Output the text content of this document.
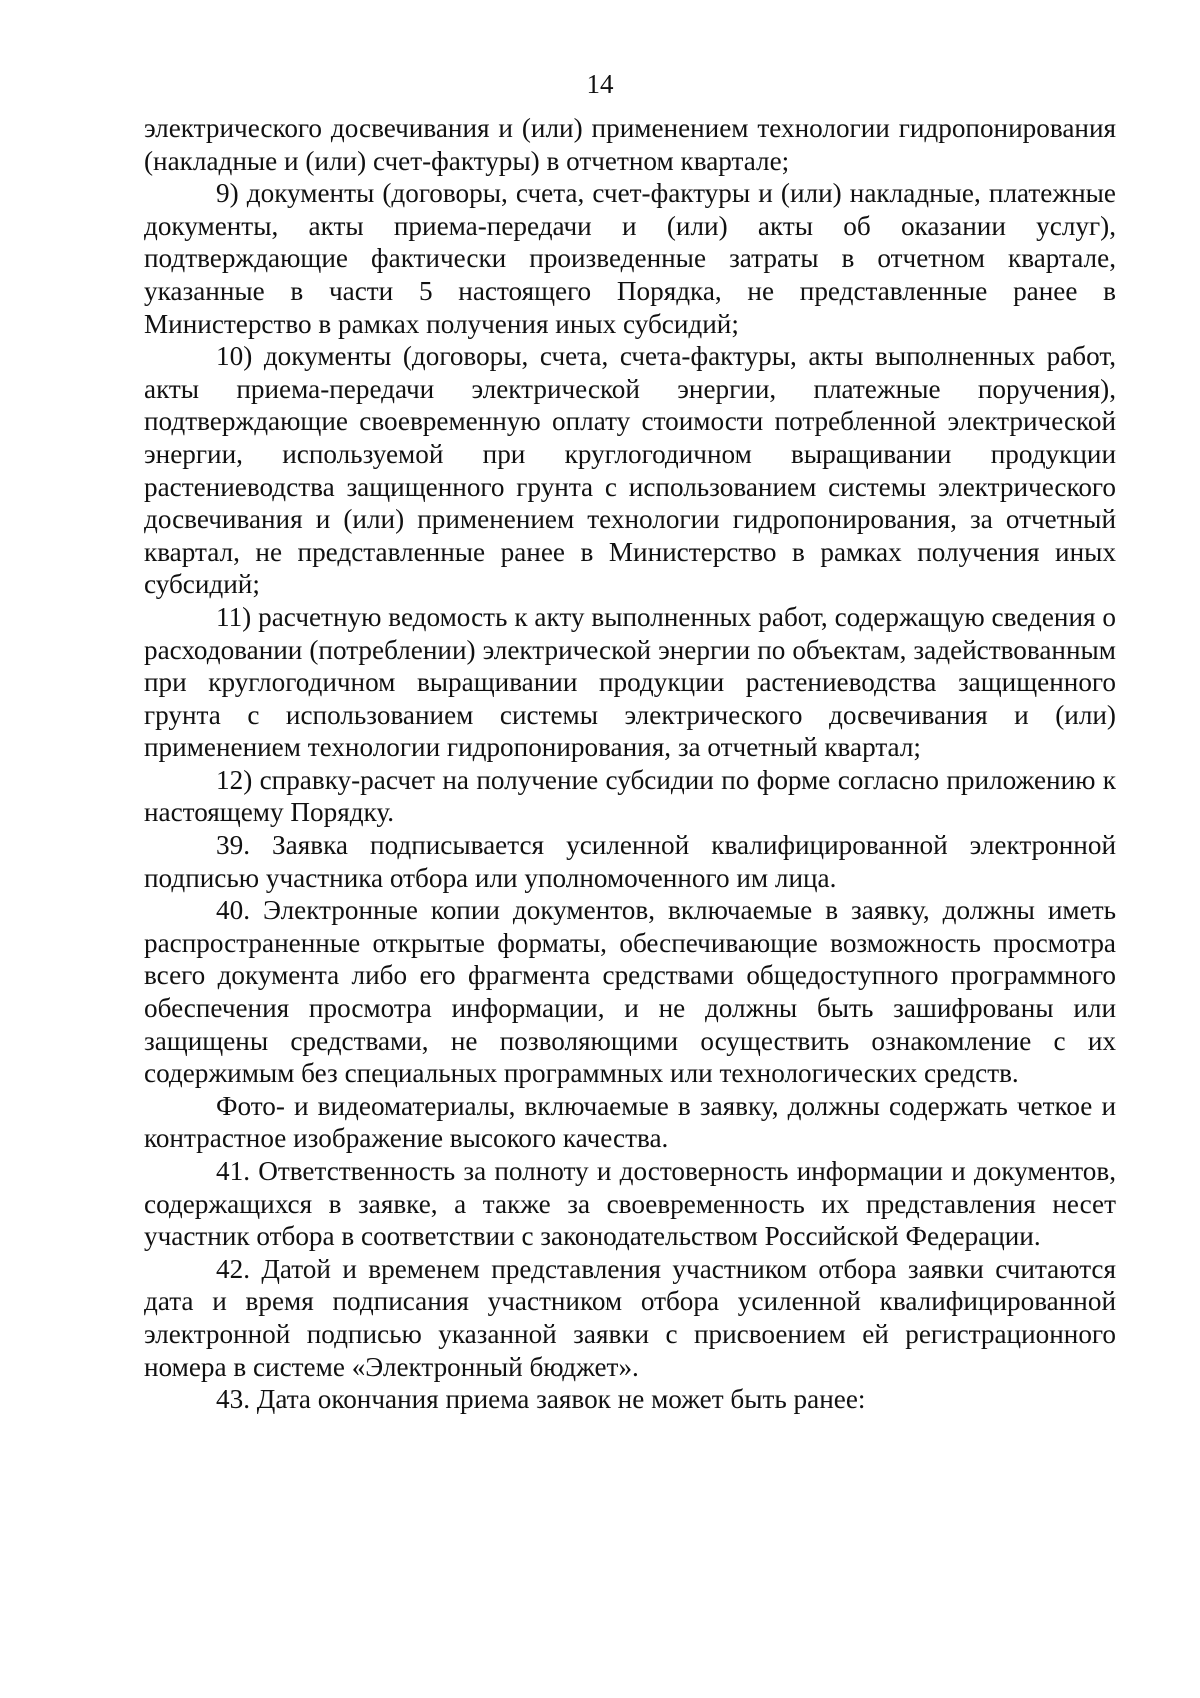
14

электрического досвечивания и (или) применением технологии гидропонирования (накладные и (или) счет-фактуры) в отчетном квартале;

9) документы (договоры, счета, счет-фактуры и (или) накладные, платежные документы, акты приема-передачи и (или) акты об оказании услуг), подтверждающие фактически произведенные затраты в отчетном квартале, указанные в части 5 настоящего Порядка, не представленные ранее в Министерство в рамках получения иных субсидий;

10) документы (договоры, счета, счета-фактуры, акты выполненных работ, акты приема-передачи электрической энергии, платежные поручения), подтверждающие своевременную оплату стоимости потребленной электрической энергии, используемой при круглогодичном выращивании продукции растениеводства защищенного грунта с использованием системы электрического досвечивания и (или) применением технологии гидропонирования, за отчетный квартал, не представленные ранее в Министерство в рамках получения иных субсидий;

11) расчетную ведомость к акту выполненных работ, содержащую сведения о расходовании (потреблении) электрической энергии по объектам, задействованным при круглогодичном выращивании продукции растениеводства защищенного грунта с использованием системы электрического досвечивания и (или) применением технологии гидропонирования, за отчетный квартал;

12) справку-расчет на получение субсидии по форме согласно приложению к настоящему Порядку.

39. Заявка подписывается усиленной квалифицированной электронной подписью участника отбора или уполномоченного им лица.

40. Электронные копии документов, включаемые в заявку, должны иметь распространенные открытые форматы, обеспечивающие возможность просмотра всего документа либо его фрагмента средствами общедоступного программного обеспечения просмотра информации, и не должны быть зашифрованы или защищены средствами, не позволяющими осуществить ознакомление с их содержимым без специальных программных или технологических средств.

Фото- и видеоматериалы, включаемые в заявку, должны содержать четкое и контрастное изображение высокого качества.

41. Ответственность за полноту и достоверность информации и документов, содержащихся в заявке, а также за своевременность их представления несет участник отбора в соответствии с законодательством Российской Федерации.

42. Датой и временем представления участником отбора заявки считаются дата и время подписания участником отбора усиленной квалифицированной электронной подписью указанной заявки с присвоением ей регистрационного номера в системе «Электронный бюджет».

43. Дата окончания приема заявок не может быть ранее:
